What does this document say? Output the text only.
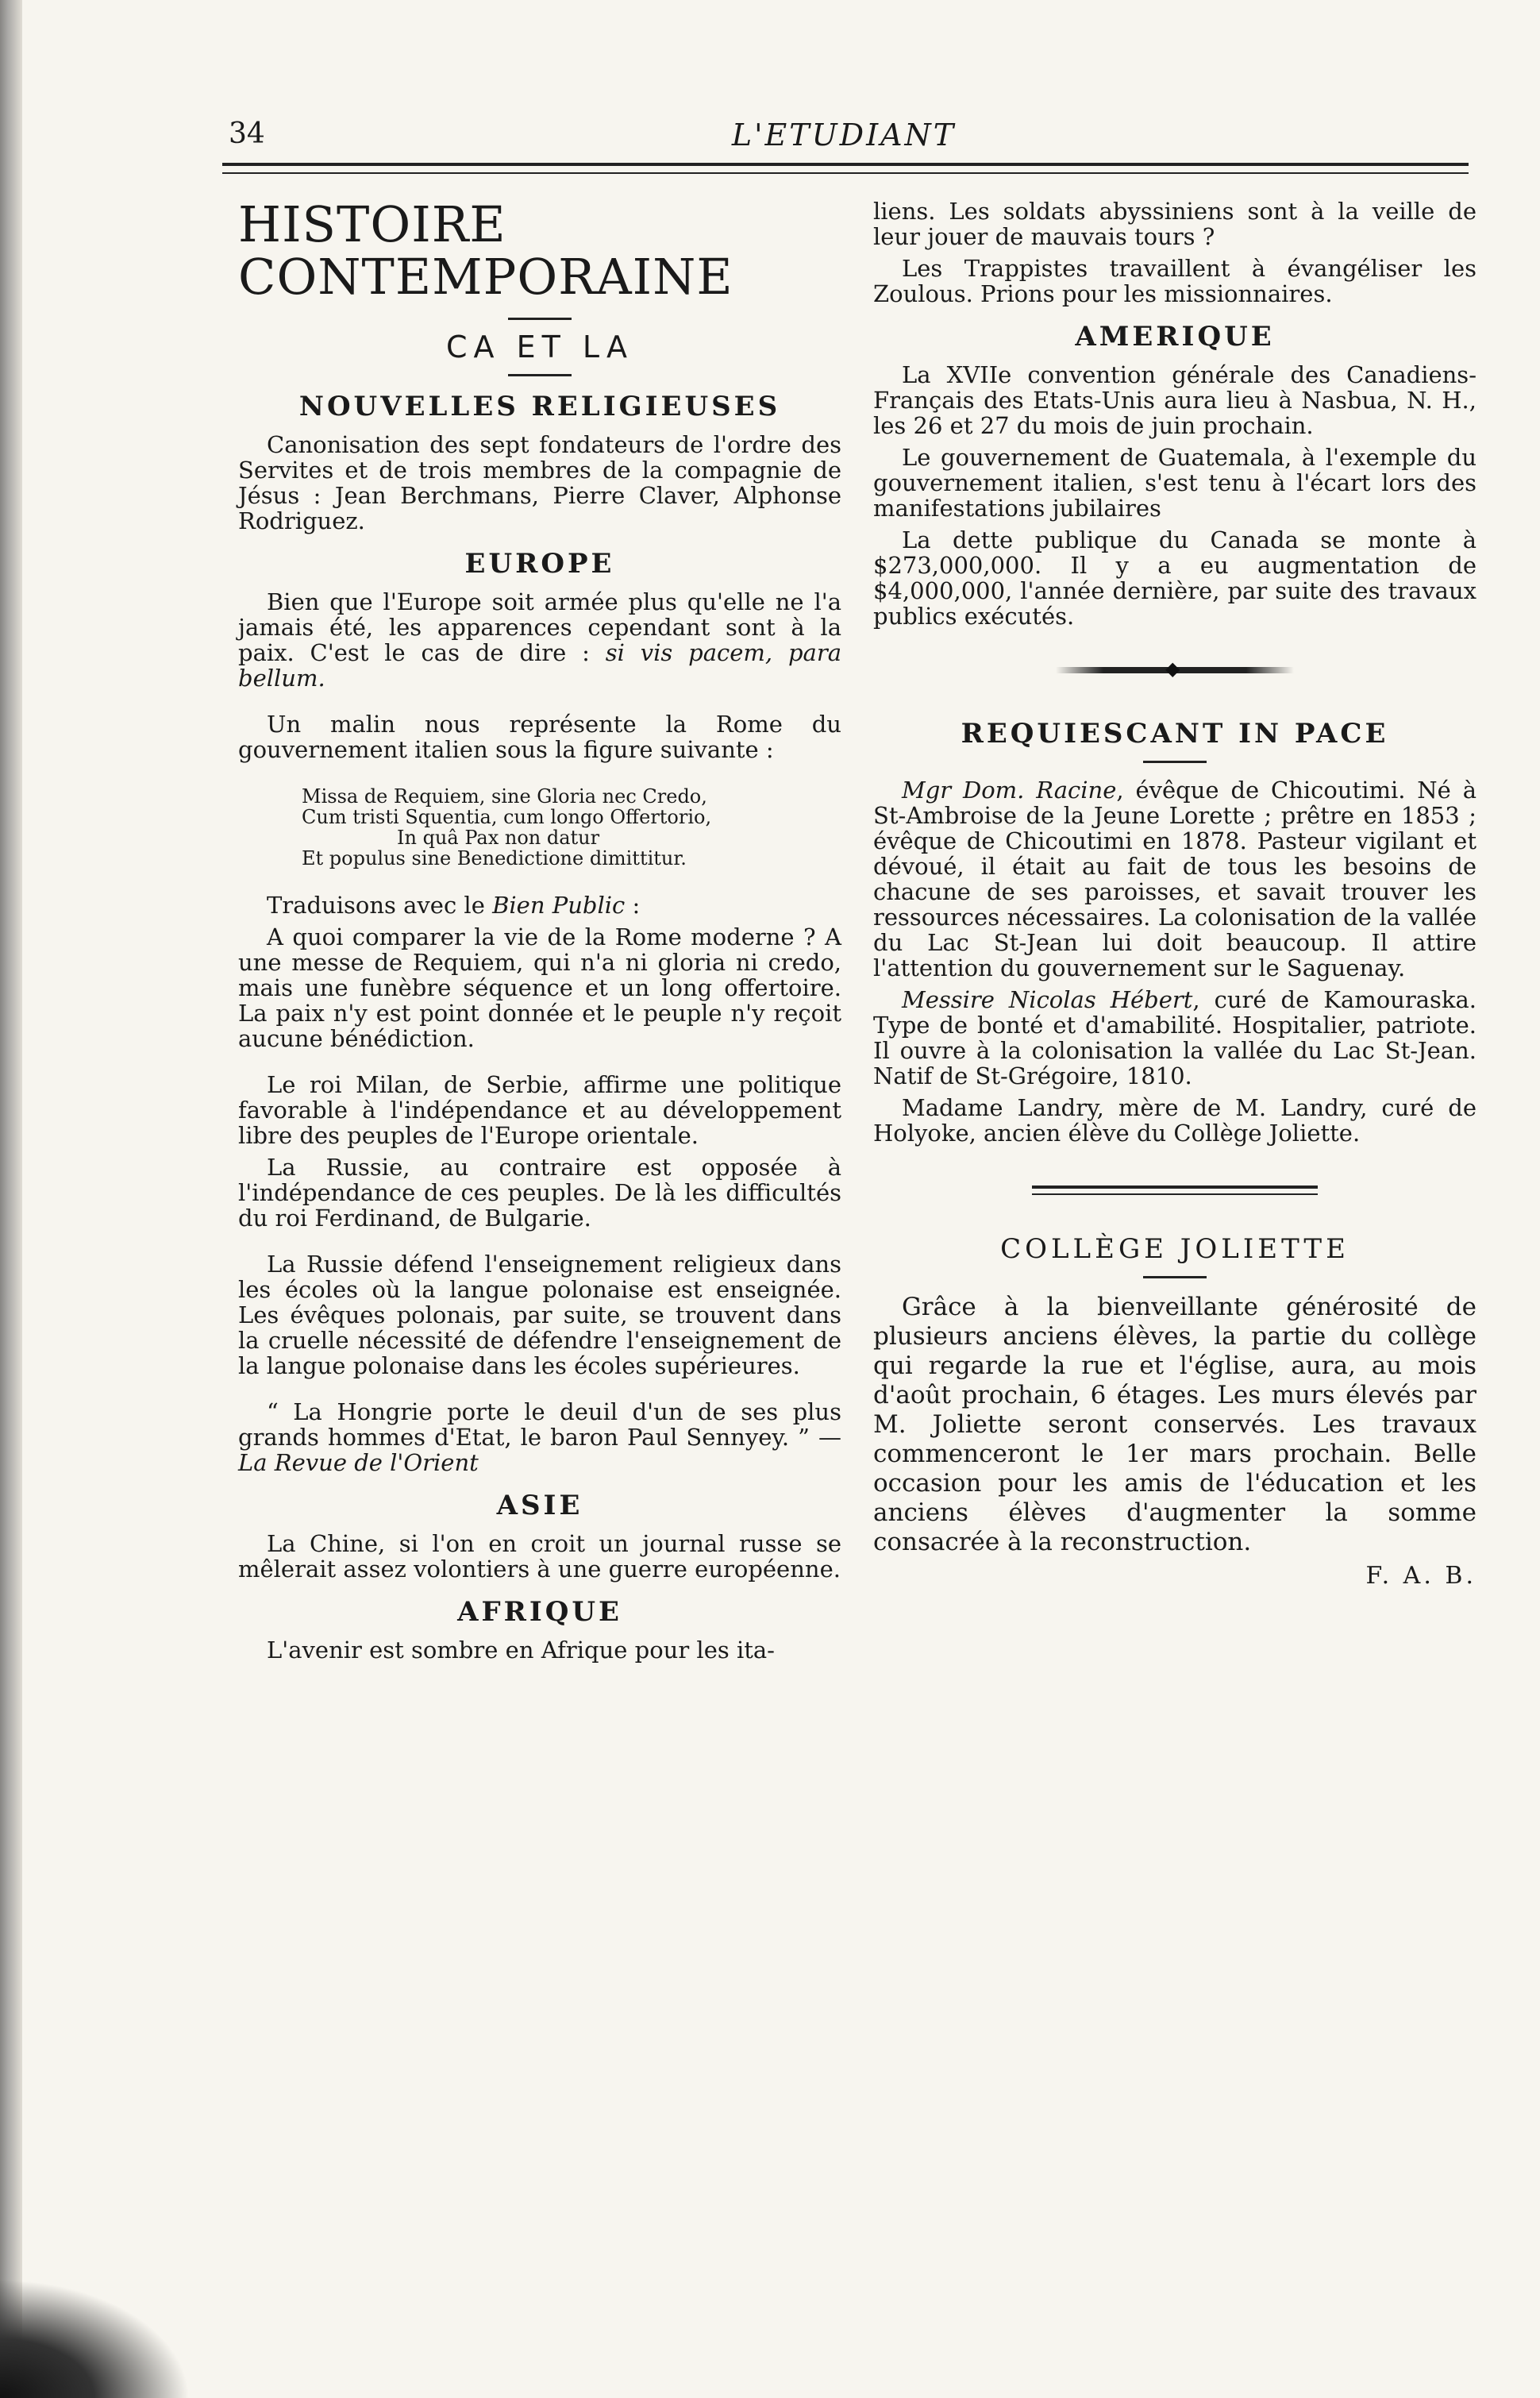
34	L'ETUDIANT
HISTOIRE CONTEMPORAINE
CA ET LA
NOUVELLES RELIGIEUSES

Canonisation des sept fondateurs de l'ordre des Servites et de trois membres de la compagnie de Jésus : Jean Berchmans, Pierre Claver, Alphonse Rodriguez.

EUROPE

Bien que l'Europe soit armée plus qu'elle ne l'a jamais été, les apparences cependant sont à la paix. C'est le cas de dire : si vis pacem, para bellum.

Un malin nous représente la Rome du gouvernement italien sous la figure suivante :

Missa de Requiem, sine Gloria nec Credo,
Cum tristi Squentia, cum longo Offertorio,
In quâ Pax non datur
Et populus sine Benedictione dimittitur.

Traduisons avec le Bien Public :

A quoi comparer la vie de la Rome moderne ? A une messe de Requiem, qui n'a ni gloria ni credo, mais une funèbre séquence et un long offertoire. La paix n'y est point donnée et le peuple n'y reçoit aucune bénédiction.

Le roi Milan, de Serbie, affirme une politique favorable à l'indépendance et au développement libre des peuples de l'Europe orientale.

La Russie, au contraire est opposée à l'indépendance de ces peuples. De là les difficultés du roi Ferdinand, de Bulgarie.

La Russie défend l'enseignement religieux dans les écoles où la langue polonaise est enseignée. Les évêques polonais, par suite, se trouvent dans la cruelle nécessité de défendre l'enseignement de la langue polonaise dans les écoles supérieures.

“ La Hongrie porte le deuil d'un de ses plus grands hommes d'Etat, le baron Paul Sennyey. ” — La Revue de l'Orient

ASIE

La Chine, si l'on en croit un journal russe se mêlerait assez volontiers à une guerre européenne.

AFRIQUE

L'avenir est sombre en Afrique pour les ita-

liens. Les soldats abyssiniens sont à la veille de leur jouer de mauvais tours ?

Les Trappistes travaillent à évangéliser les Zoulous. Prions pour les missionnaires.

AMERIQUE

La XVIIe convention générale des Canadiens-Français des Etats-Unis aura lieu à Nasbua, N. H., les 26 et 27 du mois de juin prochain.

Le gouvernement de Guatemala, à l'exemple du gouvernement italien, s'est tenu à l'écart lors des manifestations jubilaires

La dette publique du Canada se monte à $273,000,000. Il y a eu augmentation de $4,000,000, l'année dernière, par suite des travaux publics exécutés.

◆
REQUIESCANT IN PACE

Mgr Dom. Racine, évêque de Chicoutimi. Né à St-Ambroise de la Jeune Lorette ; prêtre en 1853 ; évêque de Chicoutimi en 1878. Pasteur vigilant et dévoué, il était au fait de tous les besoins de chacune de ses paroisses, et savait trouver les ressources nécessaires. La colonisation de la vallée du Lac St-Jean lui doit beaucoup. Il attire l'attention du gouvernement sur le Saguenay.

Messire Nicolas Hébert, curé de Kamouraska. Type de bonté et d'amabilité. Hospitalier, patriote. Il ouvre à la colonisation la vallée du Lac St-Jean. Natif de St-Grégoire, 1810.

Madame Landry, mère de M. Landry, curé de Holyoke, ancien élève du Collège Joliette.

COLLÈGE JOLIETTE

Grâce à la bienveillante générosité de plusieurs anciens élèves, la partie du collège qui regarde la rue et l'église, aura, au mois d'août prochain, 6 étages. Les murs élevés par M. Joliette seront conservés. Les travaux commenceront le 1er mars prochain. Belle occasion pour les amis de l'éducation et les anciens élèves d'augmenter la somme consacrée à la reconstruction.

F. A. B.
